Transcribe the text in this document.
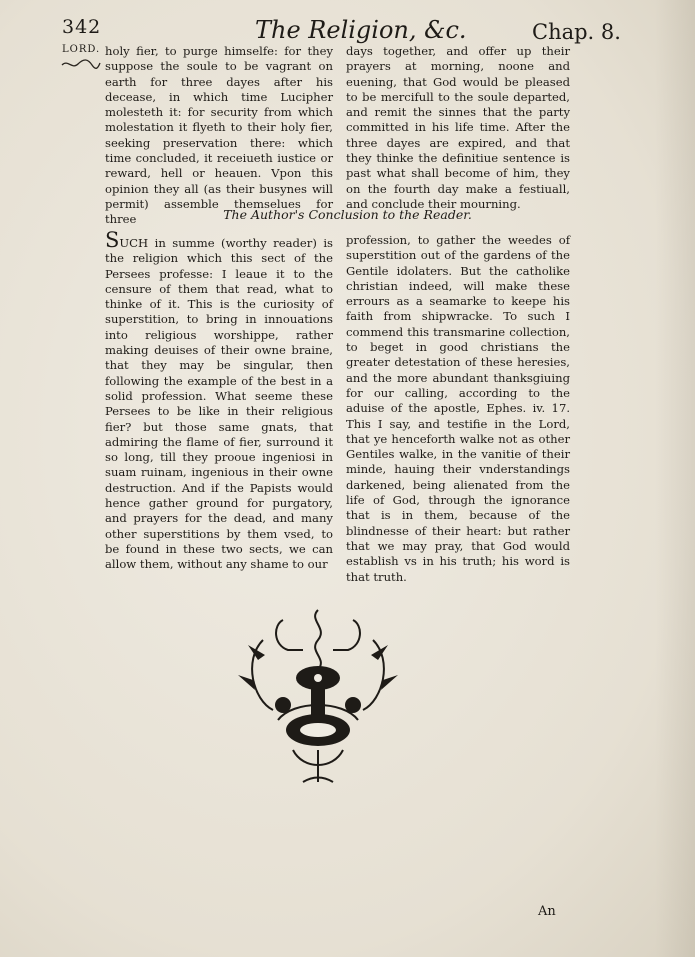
342	The Religion, &c.	Chap. 8.
LORD. holy fier, to purge himselfe: for they suppose the soule to be vagrant on earth for three dayes after his decease, in which time Lucipher molesteth it: for security from which molestation it flyeth to their holy fier, seeking preservation there: which time concluded, it receiueth iustice or reward, hell or heauen. Vpon this opinion they all (as their busynes will permit) assemble themselues for three

days together, and offer up their prayers at morning, noone and euening, that God would be pleased to be mercifull to the soule departed, and remit the sinnes that the party committed in his life time. After the three dayes are expired, and that they thinke the definitiue sentence is past what shall become of him, they on the fourth day make a festiuall, and conclude their mourning.

The Author's Conclusion to the Reader.

SUCH in summe (worthy reader) is the religion which this sect of the Persees professe: I leaue it to the censure of them that read, what to thinke of it. This is the curiosity of superstition, to bring in innouations into religious worshippe, rather making deuises of their owne braine, that they may be singular, then following the example of the best in a solid profession. What seeme these Persees to be like in their religious fier? but those same gnats, that admiring the flame of fier, surround it so long, till they prooue ingeniosi in suam ruinam, ingenious in their owne destruction. And if the Papists would hence gather ground for purgatory, and prayers for the dead, and many other superstitions by them vsed, to be found in these two sects, we can allow them, without any shame to our

profession, to gather the weedes of superstition out of the gardens of the Gentile idolaters. But the catholike christian indeed, will make these errours as a seamarke to keepe his faith from shipwracke. To such I commend this transmarine collection, to beget in good christians the greater detestation of these heresies, and the more abundant thanksgiuing for our calling, according to the aduise of the apostle, Ephes. iv. 17. This I say, and testifie in the Lord, that ye henceforth walke not as other Gentiles walke, in the vanitie of their minde, hauing their vnderstandings darkened, being alienated from the life of God, through the ignorance that is in them, because of the blindnesse of their heart: but rather that we may pray, that God would establish vs in his truth; his word is that truth.

An
